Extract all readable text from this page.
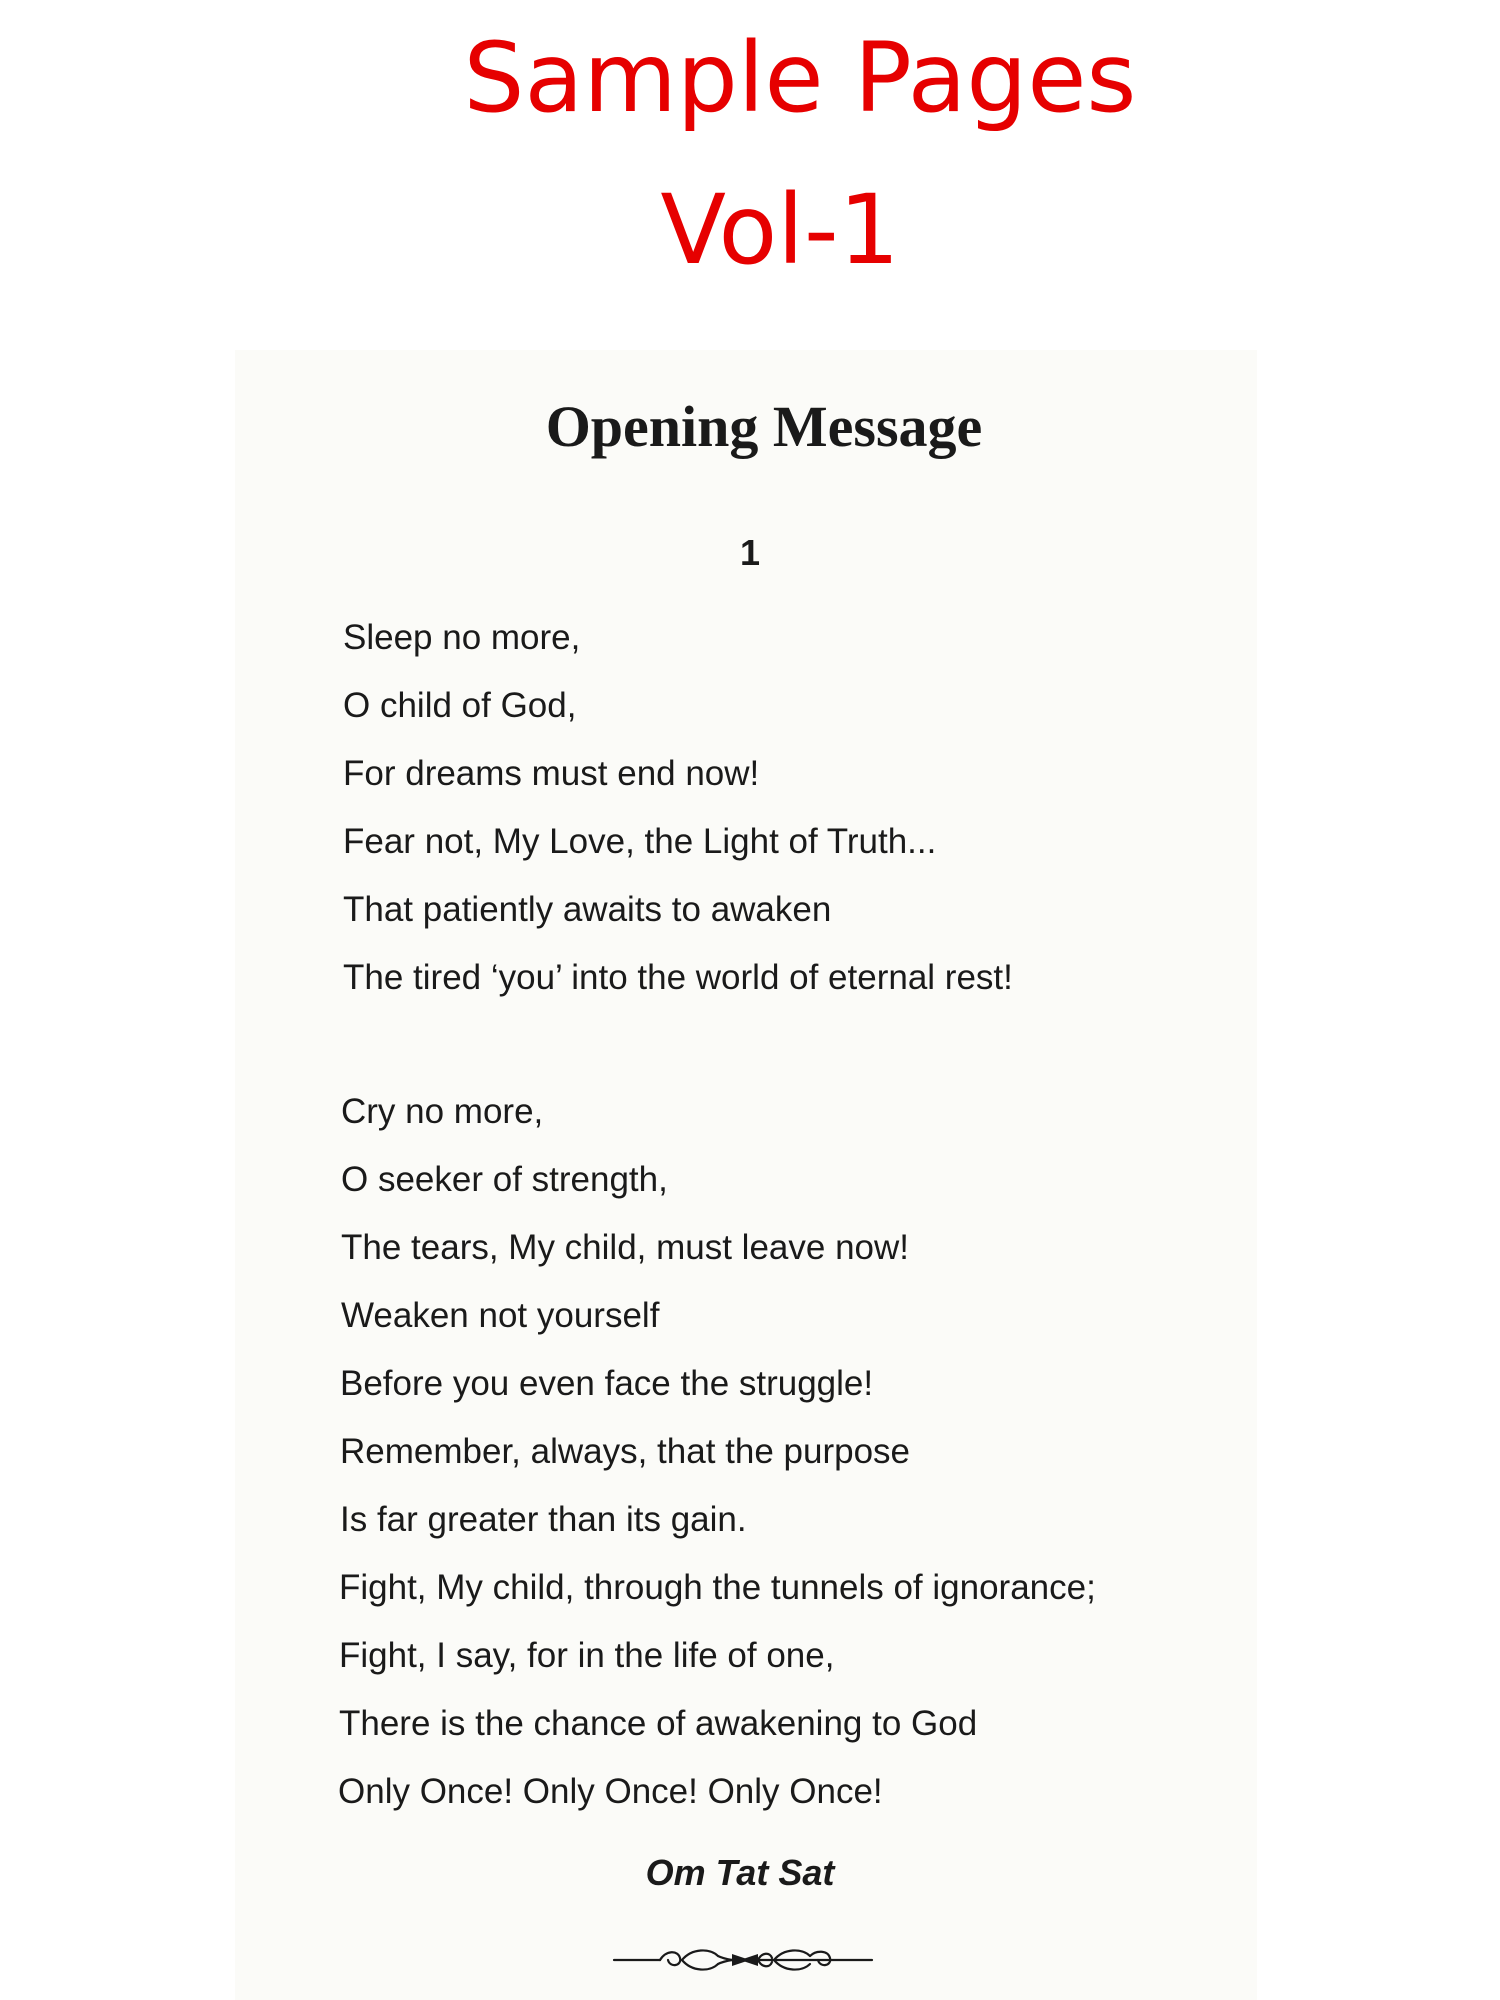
Sample Pages
Vol-1
Opening Message
1
Sleep no more,
O child of God,
For dreams must end now!
Fear not, My Love, the Light of Truth...
That patiently awaits to awaken
The tired ‘you’ into the world of eternal rest!
Cry no more,
O seeker of strength,
The tears, My child, must leave now!
Weaken not yourself
Before you even face the struggle!
Remember, always, that the purpose
Is far greater than its gain.
Fight, My child, through the tunnels of ignorance;
Fight, I say, for in the life of one,
There is the chance of awakening to God
Only Once! Only Once! Only Once!
Om Tat Sat
